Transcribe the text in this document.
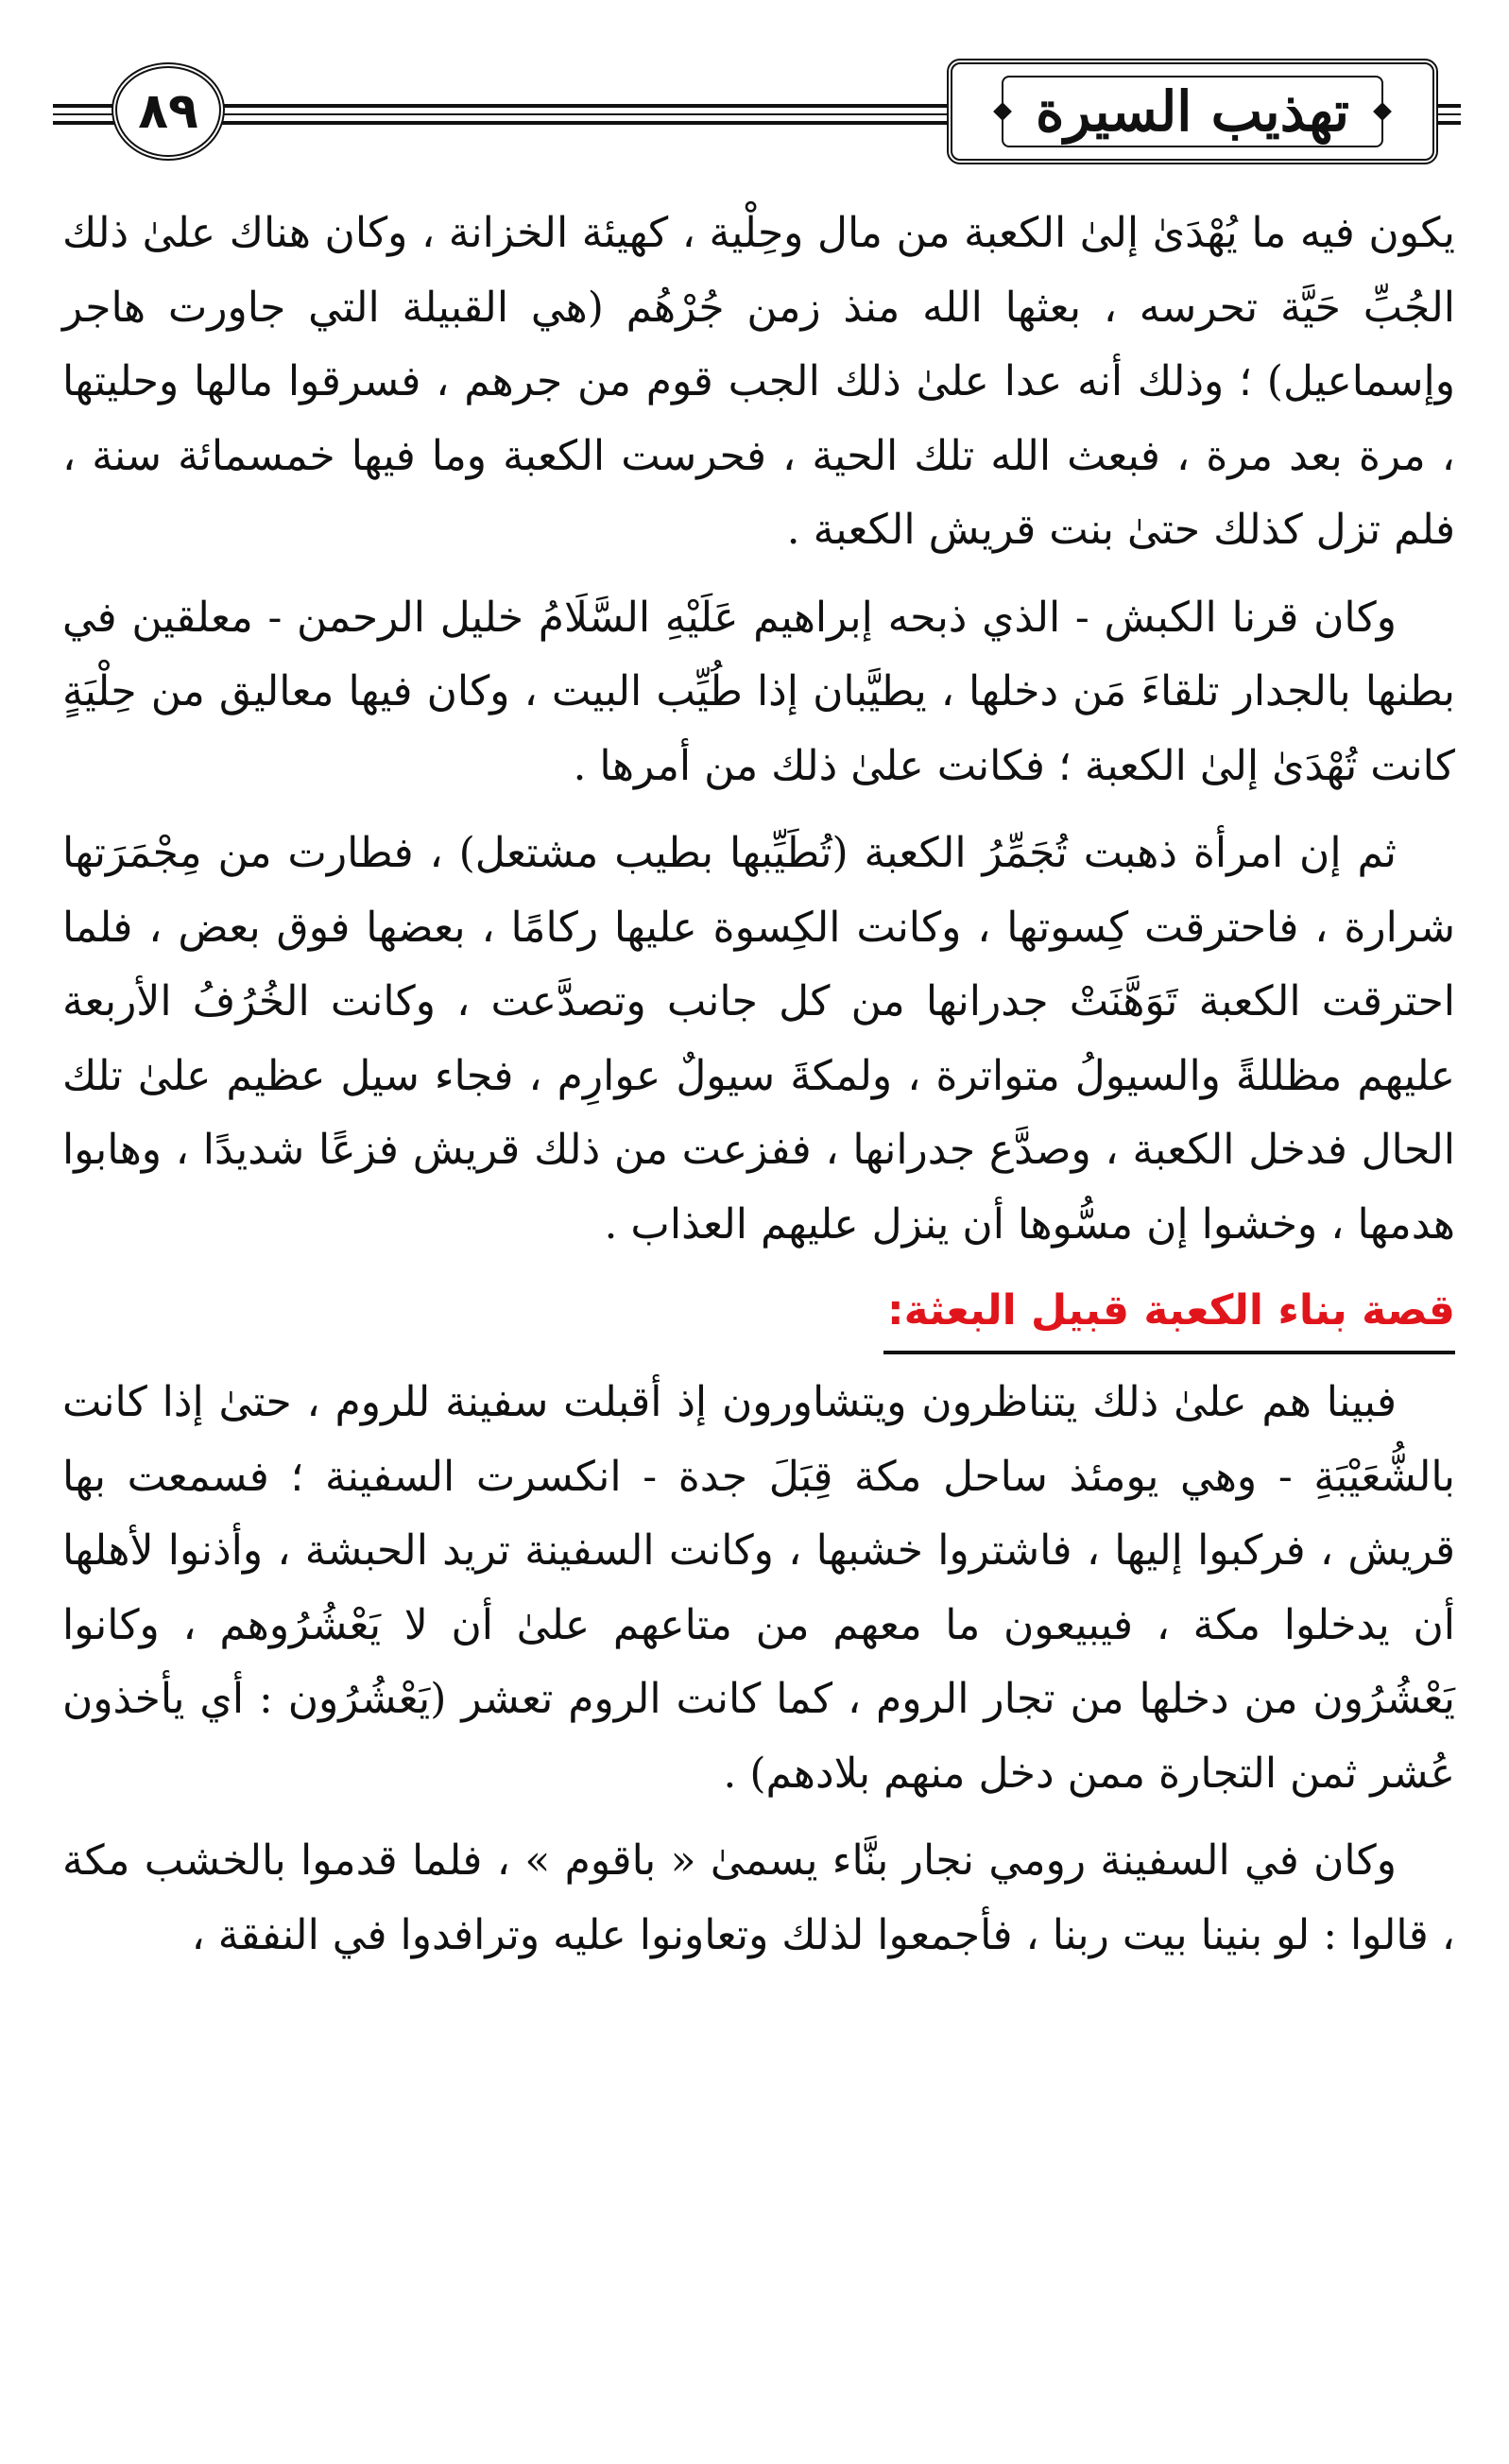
٨٩	تهذيب السيرة

يكون فيه ما يُهْدَىٰ إلىٰ الكعبة من مال وحِلْية ، كهيئة الخزانة ، وكان هناك علىٰ ذلك الجُبِّ حَيَّة تحرسه ، بعثها الله منذ زمن جُرْهُم (هي القبيلة التي جاورت هاجر وإسماعيل) ؛ وذلك أنه عدا علىٰ ذلك الجب قوم من جرهم ، فسرقوا مالها وحليتها ، مرة بعد مرة ، فبعث الله تلك الحية ، فحرست الكعبة وما فيها خمسمائة سنة ، فلم تزل كذلك حتىٰ بنت قريش الكعبة .

وكان قرنا الكبش - الذي ذبحه إبراهيم عَلَيْهِ السَّلَامُ خليل الرحمن - معلقين في بطنها بالجدار تلقاءَ مَن دخلها ، يطيَّبان إذا طُيِّب البيت ، وكان فيها معاليق من حِلْيَةٍ كانت تُهْدَىٰ إلىٰ الكعبة ؛ فكانت علىٰ ذلك من أمرها .

ثم إن امرأة ذهبت تُجَمِّرُ الكعبة (تُطَيِّبها بطيب مشتعل) ، فطارت من مِجْمَرَتها شرارة ، فاحترقت كِسوتها ، وكانت الكِسوة عليها ركامًا ، بعضها فوق بعض ، فلما احترقت الكعبة تَوَهَّنَتْ جدرانها من كل جانب وتصدَّعت ، وكانت الخُرُفُ الأربعة عليهم مظللةً والسيولُ متواترة ، ولمكةَ سيولٌ عوارِم ، فجاء سيل عظيم علىٰ تلك الحال فدخل الكعبة ، وصدَّع جدرانها ، ففزعت من ذلك قريش فزعًا شديدًا ، وهابوا هدمها ، وخشوا إن مسُّوها أن ينزل عليهم العذاب .

قصة بناء الكعبة قبيل البعثة:

فبينا هم علىٰ ذلك يتناظرون ويتشاورون إذ أقبلت سفينة للروم ، حتىٰ إذا كانت بالشُّعَيْبَةِ - وهي يومئذ ساحل مكة قِبَلَ جدة - انكسرت السفينة ؛ فسمعت بها قريش ، فركبوا إليها ، فاشتروا خشبها ، وكانت السفينة تريد الحبشة ، وأذنوا لأهلها أن يدخلوا مكة ، فيبيعون ما معهم من متاعهم علىٰ أن لا يَعْشُرُوهم ، وكانوا يَعْشُرُون من دخلها من تجار الروم ، كما كانت الروم تعشر (يَعْشُرُون : أي يأخذون عُشر ثمن التجارة ممن دخل منهم بلادهم) .

وكان في السفينة رومي نجار بنَّاء يسمىٰ « باقوم » ، فلما قدموا بالخشب مكة ، قالوا : لو بنينا بيت ربنا ، فأجمعوا لذلك وتعاونوا عليه وترافدوا في النفقة ،
